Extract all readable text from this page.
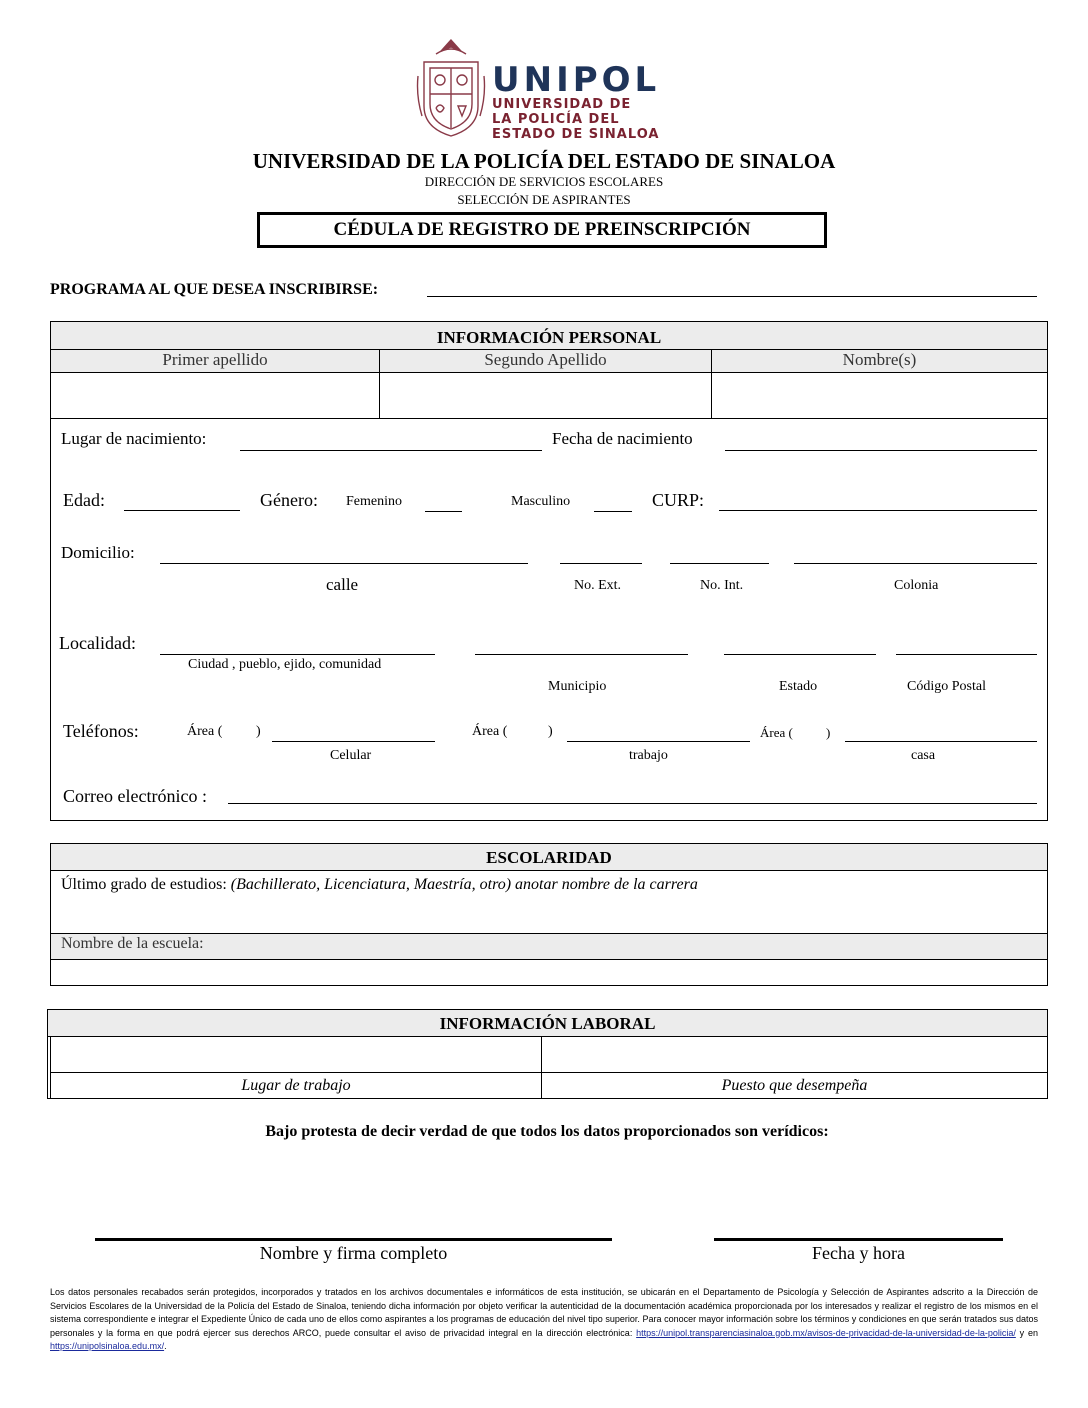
UNIPOL
UNIVERSIDAD DE
LA POLICÍA DEL
ESTADO DE SINALOA
UNIVERSIDAD DE LA POLICÍA DEL ESTADO DE SINALOA
DIRECCIÓN DE SERVICIOS ESCOLARES
SELECCIÓN DE ASPIRANTES
CÉDULA DE REGISTRO DE PREINSCRIPCIÓN
PROGRAMA AL QUE DESEA INSCRIBIRSE:
INFORMACIÓN PERSONAL
Primer apellido	Segundo Apellido	Nombre(s)
Lugar de nacimiento:	Fecha de nacimiento
Edad:	Género: Femenino	Masculino	CURP:
Domicilio:
calle	No. Ext.	No. Int.	Colonia
Localidad:
Ciudad , pueblo, ejido, comunidad
Municipio	Estado	Código Postal
Teléfonos:	Área ( )	Área (	)	Área (	)
Celular	trabajo	casa
Correo electrónico :
ESCOLARIDAD
Último grado de estudios: (Bachillerato, Licenciatura, Maestría, otro) anotar nombre de la carrera
Nombre de la escuela:
INFORMACIÓN LABORAL
Lugar de trabajo	Puesto que desempeña
Bajo protesta de decir verdad de que todos los datos proporcionados son verídicos:
Nombre y firma completo	Fecha y hora
Los datos personales recabados serán protegidos, incorporados y tratados en los archivos documentales e informáticos de esta institución, se ubicarán en el Departamento de Psicología y Selección de Aspirantes adscrito a la Dirección de Servicios Escolares de la Universidad de la Policía del Estado de Sinaloa, teniendo dicha información por objeto verificar la autenticidad de la documentación académica proporcionada por los interesados y realizar el registro de los mismos en el sistema correspondiente e integrar el Expediente Único de cada uno de ellos como aspirantes a los programas de educación del nivel tipo superior. Para conocer mayor información sobre los términos y condiciones en que serán tratados sus datos personales y la forma en que podrá ejercer sus derechos ARCO, puede consultar el aviso de privacidad integral en la dirección electrónica: https://unipol.transparenciasinaloa.gob.mx/avisos-de-privacidad-de-la-universidad-de-la-policia/ y en https://unipolsinaloa.edu.mx/.
